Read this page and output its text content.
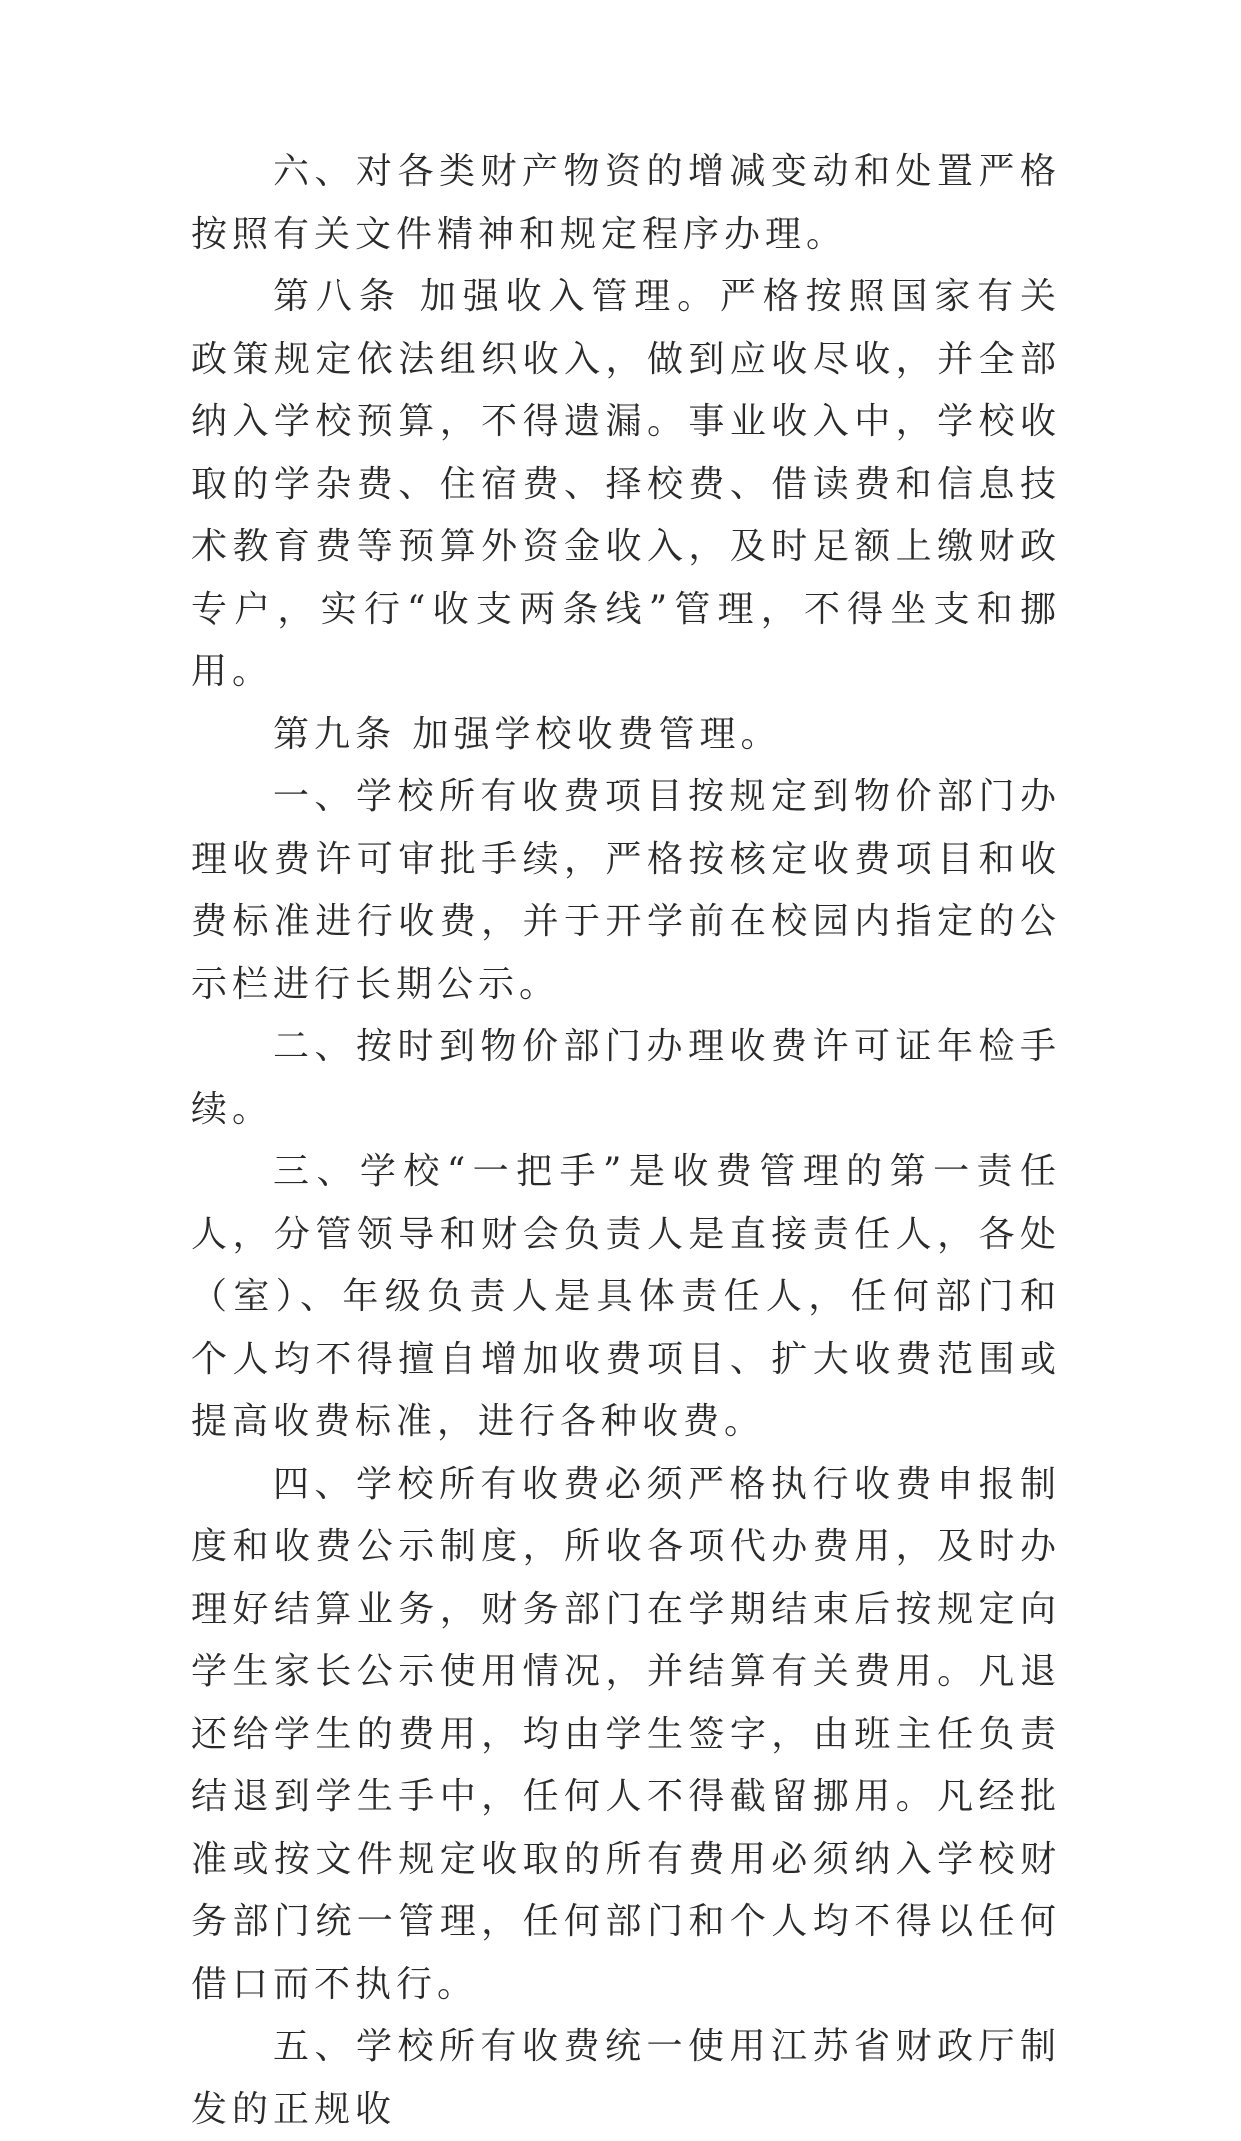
六、对各类财产物资的增减变动和处置严格按照有关文件精神和规定程序办理。

第八条 加强收入管理。严格按照国家有关政策规定依法组织收入，做到应收尽收，并全部纳入学校预算，不得遗漏。事业收入中，学校收取的学杂费、住宿费、择校费、借读费和信息技术教育费等预算外资金收入，及时足额上缴财政专户，实行“收支两条线”管理，不得坐支和挪用。

第九条 加强学校收费管理。

一、学校所有收费项目按规定到物价部门办理收费许可审批手续，严格按核定收费项目和收费标准进行收费，并于开学前在校园内指定的公示栏进行长期公示。

二、按时到物价部门办理收费许可证年检手续。

三、学校“一把手”是收费管理的第一责任人，分管领导和财会负责人是直接责任人，各处（室）、年级负责人是具体责任人，任何部门和个人均不得擅自增加收费项目、扩大收费范围或提高收费标准，进行各种收费。

四、学校所有收费必须严格执行收费申报制度和收费公示制度，所收各项代办费用，及时办理好结算业务，财务部门在学期结束后按规定向学生家长公示使用情况，并结算有关费用。凡退还给学生的费用，均由学生签字，由班主任负责结退到学生手中，任何人不得截留挪用。凡经批准或按文件规定收取的所有费用必须纳入学校财务部门统一管理，任何部门和个人均不得以任何借口而不执行。

五、学校所有收费统一使用江苏省财政厅制发的正规收
